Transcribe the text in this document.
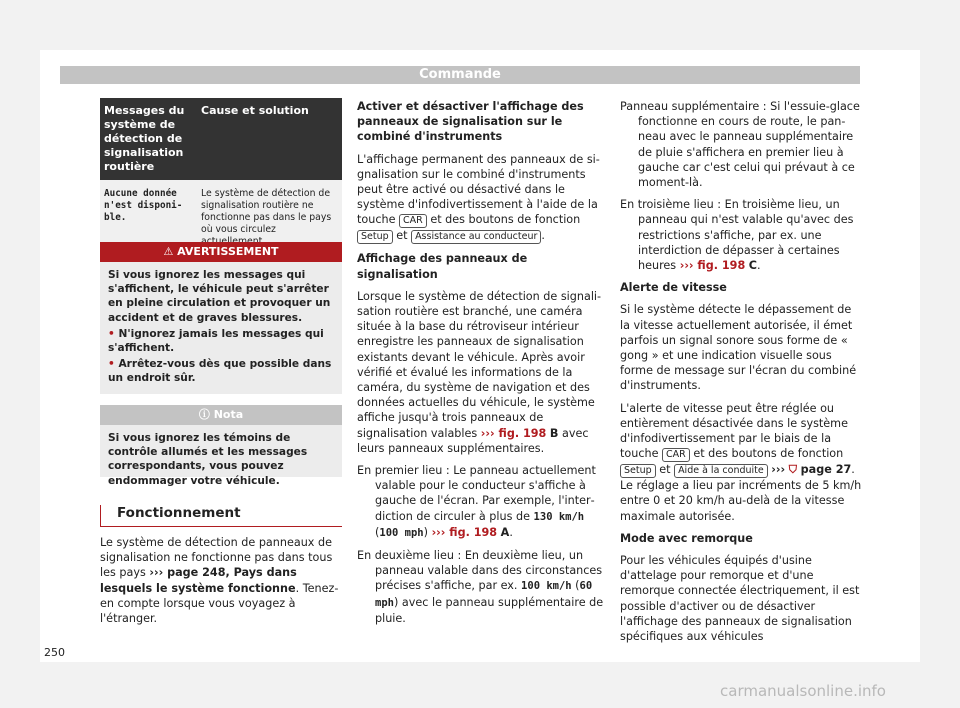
Commande
Messages du système de détection de signalisation routière	Cause et solution
Aucune donnée n'est disponible.	Le système de détection de signalisation routière ne fonctionne pas dans le pays où vous circulez
⚠ AVERTISSEMENT
Si vous ignorez les messages qui s'affichent, le véhicule peut s'arrêter en pleine circulation et provoquer un accident et de graves blessures.
• N'ignorez jamais les messages qui s'affichent.
• Arrêtez-vous dès que possible dans un endroit sûr.
ⓘ Nota
Si vous ignorez les témoins de contrôle allumés et les messages correspondants, vous pouvez endommager votre véhicule.
Fonctionnement
Le système de détection de panneaux de signalisation ne fonctionne pas dans tous les pays ››› page 248, Pays dans lesquels le système fonctionne. Tenez-en compte lorsque vous voyagez à l'étranger.

Activer et désactiver l'affichage des panneaux de signalisation sur le combiné d'instruments

L'affichage permanent des panneaux de signalisation sur le combiné d'instruments peut être activé ou désactivé dans le système d'infodivertissement à l'aide de la touche CAR et des boutons de fonction Setup et Assistance au conducteur .

Affichage des panneaux de signalisation

Lorsque le système de détection de signalisation routière est branché, une caméra située à la base du rétroviseur intérieur enregistre les panneaux de signalisation existants devant le véhicule. Après avoir vérifié et évalué les informations de la caméra, du système de navigation et des données actuelles du véhicule, le système affiche jusqu'à trois panneaux de signalisation valables ››› fig. 198 B avec leurs panneaux supplémentaires.

En premier lieu : Le panneau actuellement valable pour le conducteur s'affiche à gauche de l'écran. Par exemple, l'interdiction de circuler à plus de 130 km/h (100 mph) ››› fig. 198 A.

En deuxième lieu : En deuxième lieu, un panneau valable dans des circonstances précises s'affiche, par ex. 100 km/h (60 mph) avec le panneau supplémentaire de pluie.

Panneau supplémentaire : Si l'essuie-glace fonctionne en cours de route, le panneau avec le panneau supplémentaire de pluie s'affichera en premier lieu à gauche car c'est celui qui prévaut à ce moment-là.

En troisième lieu : En troisième lieu, un panneau qui n'est valable qu'avec des restrictions s'affiche, par ex. une interdiction de dépasser à certaines heures ››› fig. 198 C.

Alerte de vitesse

Si le système détecte le dépassement de la vitesse actuellement autorisée, il émet parfois un signal sonore sous forme de « gong » et une indication visuelle sous forme de message sur l'écran du combiné d'instruments.

L'alerte de vitesse peut être réglée ou entièrement désactivée dans le système d'infodivertissement par le biais de la touche CAR et des boutons de fonction Setup et Aide à la conduite ››› ⛉ page 27. Le réglage a lieu par incréments de 5 km/h entre 0 et 20 km/h au-delà de la vitesse maximale autorisée.

Mode avec remorque

Pour les véhicules équipés d'usine d'attelage pour remorque et d'une remorque connectée électriquement, il est possible d'activer ou de désactiver l'affichage des panneaux de signalisation spécifiques aux véhicules

250
carmanualsonline.info
